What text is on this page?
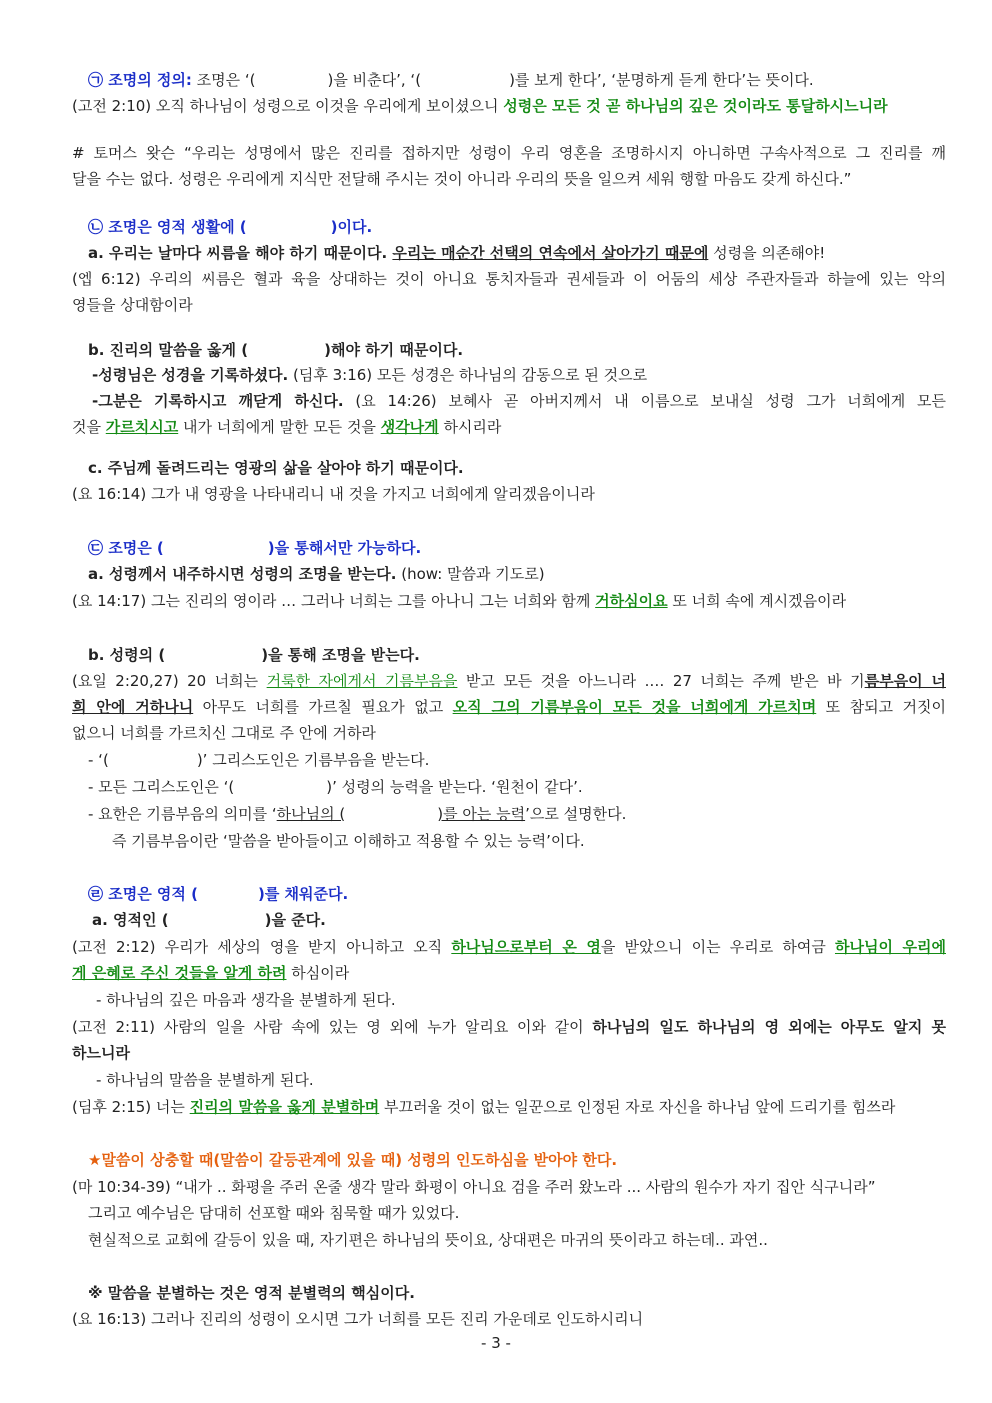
㉠ 조명의 정의: 조명은 ‘(	)을 비춘다’, ‘(	)를 보게 한다’, ‘분명하게 듣게 한다’는 뜻이다.
(고전 2:10) 오직 하나님이 성령으로 이것을 우리에게 보이셨으니 성령은 모든 것 곧 하나님의 깊은 것이라도 통달하시느니라
# 토머스 왓슨 “우리는 성명에서 많은 진리를 접하지만 성령이 우리 영혼을 조명하시지 아니하면 구속사적으로 그 진리를 깨
달을 수는 없다. 성령은 우리에게 지식만 전달해 주시는 것이 아니라 우리의 뜻을 일으켜 세워 행할 마음도 갖게 하신다.”
㉡ 조명은 영적 생활에 (	)이다.
a. 우리는 날마다 씨름을 해야 하기 때문이다. 우리는 매순간 선택의 연속에서 살아가기 때문에 성령을 의존해야!
(엡 6:12) 우리의 씨름은 혈과 육을 상대하는 것이 아니요 통치자들과 권세들과 이 어둠의 세상 주관자들과 하늘에 있는 악의
영들을 상대함이라
b. 진리의 말씀을 옳게 (	)해야 하기 때문이다.
-성령님은 성경을 기록하셨다. (딤후 3:16) 모든 성경은 하나님의 감동으로 된 것으로
-그분은 기록하시고 깨닫게 하신다. (요 14:26) 보혜사 곧 아버지께서 내 이름으로 보내실 성령 그가 너희에게 모든
것을 가르치시고 내가 너희에게 말한 모든 것을 생각나게 하시리라
c. 주님께 돌려드리는 영광의 삶을 살아야 하기 때문이다.
(요 16:14) 그가 내 영광을 나타내리니 내 것을 가지고 너희에게 알리겠음이니라
㉢ 조명은 (	)을 통해서만 가능하다.
a. 성령께서 내주하시면 성령의 조명을 받는다. (how: 말씀과 기도로)
(요 14:17) 그는 진리의 영이라 … 그러나 너희는 그를 아나니 그는 너희와 함께 거하심이요 또 너희 속에 계시겠음이라
b. 성령의 (	)을 통해 조명을 받는다.
(요일 2:20,27) 20 너희는 거룩한 자에게서 기름부음을 받고 모든 것을 아느니라 .… 27 너희는 주께 받은 바 기름부음이 너
희 안에 거하나니 아무도 너희를 가르칠 필요가 없고 오직 그의 기름부음이 모든 것을 너희에게 가르치며 또 참되고 거짓이
없으니 너희를 가르치신 그대로 주 안에 거하라
- ‘(	)’ 그리스도인은 기름부음을 받는다.
- 모든 그리스도인은 ‘(	)’ 성령의 능력을 받는다. ‘원천이 같다’.
- 요한은 기름부음의 의미를 ‘하나님의 (	)를 아는 능력’으로 설명한다.
즉 기름부음이란 ‘말씀을 받아들이고 이해하고 적용할 수 있는 능력’이다.
㉣ 조명은 영적 (	)를 채워준다.
a. 영적인 (	)을 준다.
(고전 2:12) 우리가 세상의 영을 받지 아니하고 오직 하나님으로부터 온 영을 받았으니 이는 우리로 하여금 하나님이 우리에
게 은혜로 주신 것들을 알게 하려 하심이라
- 하나님의 깊은 마음과 생각을 분별하게 된다.
(고전 2:11) 사람의 일을 사람 속에 있는 영 외에 누가 알리요 이와 같이 하나님의 일도 하나님의 영 외에는 아무도 알지 못
하느니라
- 하나님의 말씀을 분별하게 된다.
(딤후 2:15) 너는 진리의 말씀을 옳게 분별하며 부끄러울 것이 없는 일꾼으로 인정된 자로 자신을 하나님 앞에 드리기를 힘쓰라
★말씀이 상충할 때(말씀이 갈등관계에 있을 때) 성령의 인도하심을 받아야 한다.
(마 10:34-39) “내가 .. 화평을 주러 온줄 생각 말라 화평이 아니요 검을 주러 왔노라 ... 사람의 원수가 자기 집안 식구니라”
그리고 예수님은 담대히 선포할 때와 침묵할 때가 있었다.
현실적으로 교회에 갈등이 있을 때, 자기편은 하나님의 뜻이요, 상대편은 마귀의 뜻이라고 하는데.. 과연..
※ 말씀을 분별하는 것은 영적 분별력의 핵심이다.
(요 16:13) 그러나 진리의 성령이 오시면 그가 너희를 모든 진리 가운데로 인도하시리니
- 3 -
